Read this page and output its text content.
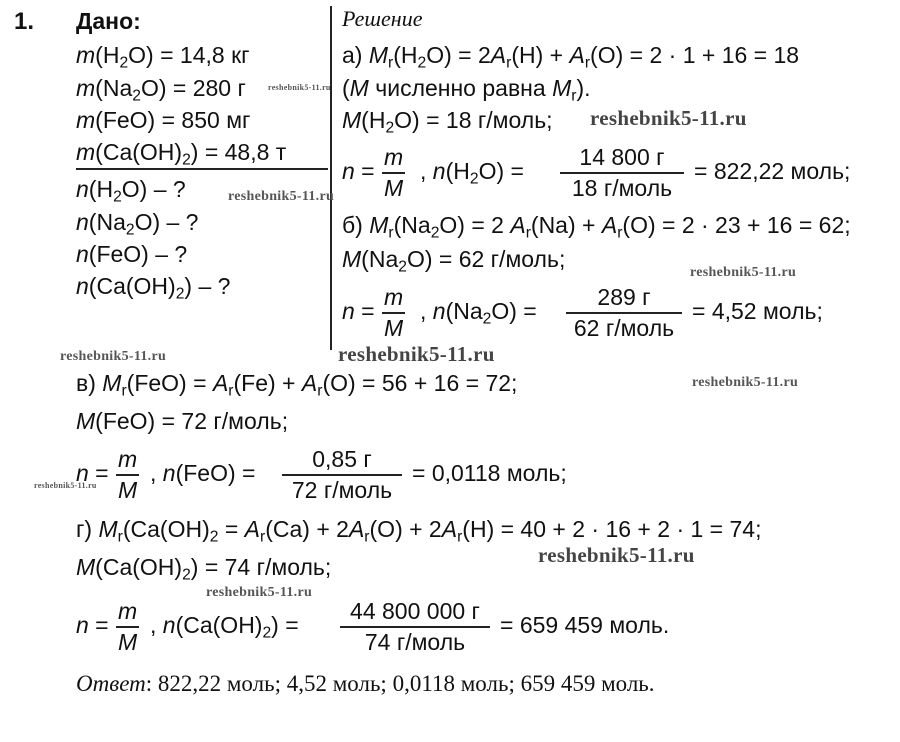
1. Дано:	Решение
$m(H_2O) = 14,8$ кг
$m(Na_2O) = 280$ г
m(FeO) = 850 мг
$m(Ca(OH)_2) = 48,8$ т
$n(H_2O)$ – ?
$n(Na_2O)$ – ?
n(FeO) – ?
$n(Ca(OH)_2)$ – ?
а) $M_r(H_2O) = 2A_r(H) + A_r(O) = 2 \cdot 1 + 16 = 18$
(M численно равна $M_r$).
$M(H_2O) = 18$ г/моль;
$n = \frac{m}{M}$ , $n(H_2O)$ =
14 800 г
18 г/моль
= 822,22 моль;
б) $M_r(Na_2O) = 2$ $A_r(Na) + A_r(O) = 2 \cdot 23 + 16 = 62$;
$M(Na_2O) = 62$ г/моль;
$n = \frac{m}{M}$ , $n(Na_2O)$ =
289 г
62 г/моль
= 4,52 моль;
в) $M_r(FeO) = A_r(Fe) + A_r(O) = 56 + 16 = 72$;
M(FeO) = 72 г/моль;
$n = \frac{m}{M}$ , n(FeO) =
0,85 г
72 г/моль
= 0,0118 моль;
г) $M_r(Ca(OH)_2 = A_r(Ca) + 2A_r(O) + 2A_r(H) = 40 + 2 \cdot 16 + 2 \cdot 1 = 74$;
$M(Ca(OH)_2) = 74$ г/моль;
$n = \frac{m}{M}$ , $n(Ca(OH)_2)$ =
44 800 000 г
74 г/моль
= 659 459 моль.
Ответ: 822,22 моль; 4,52 моль; 0,0118 моль; 659 459 моль.
reshebnik5-11.ru
reshebnik5-11.ru
reshebnik5-11.ru
reshebnik5-11.ru
reshebnik5-11.ru	reshebnik5-11.ru
reshebnik5-11.ru
reshebnik5-11.ru
reshebnik5-11.ru
reshebnik5-11.ru
